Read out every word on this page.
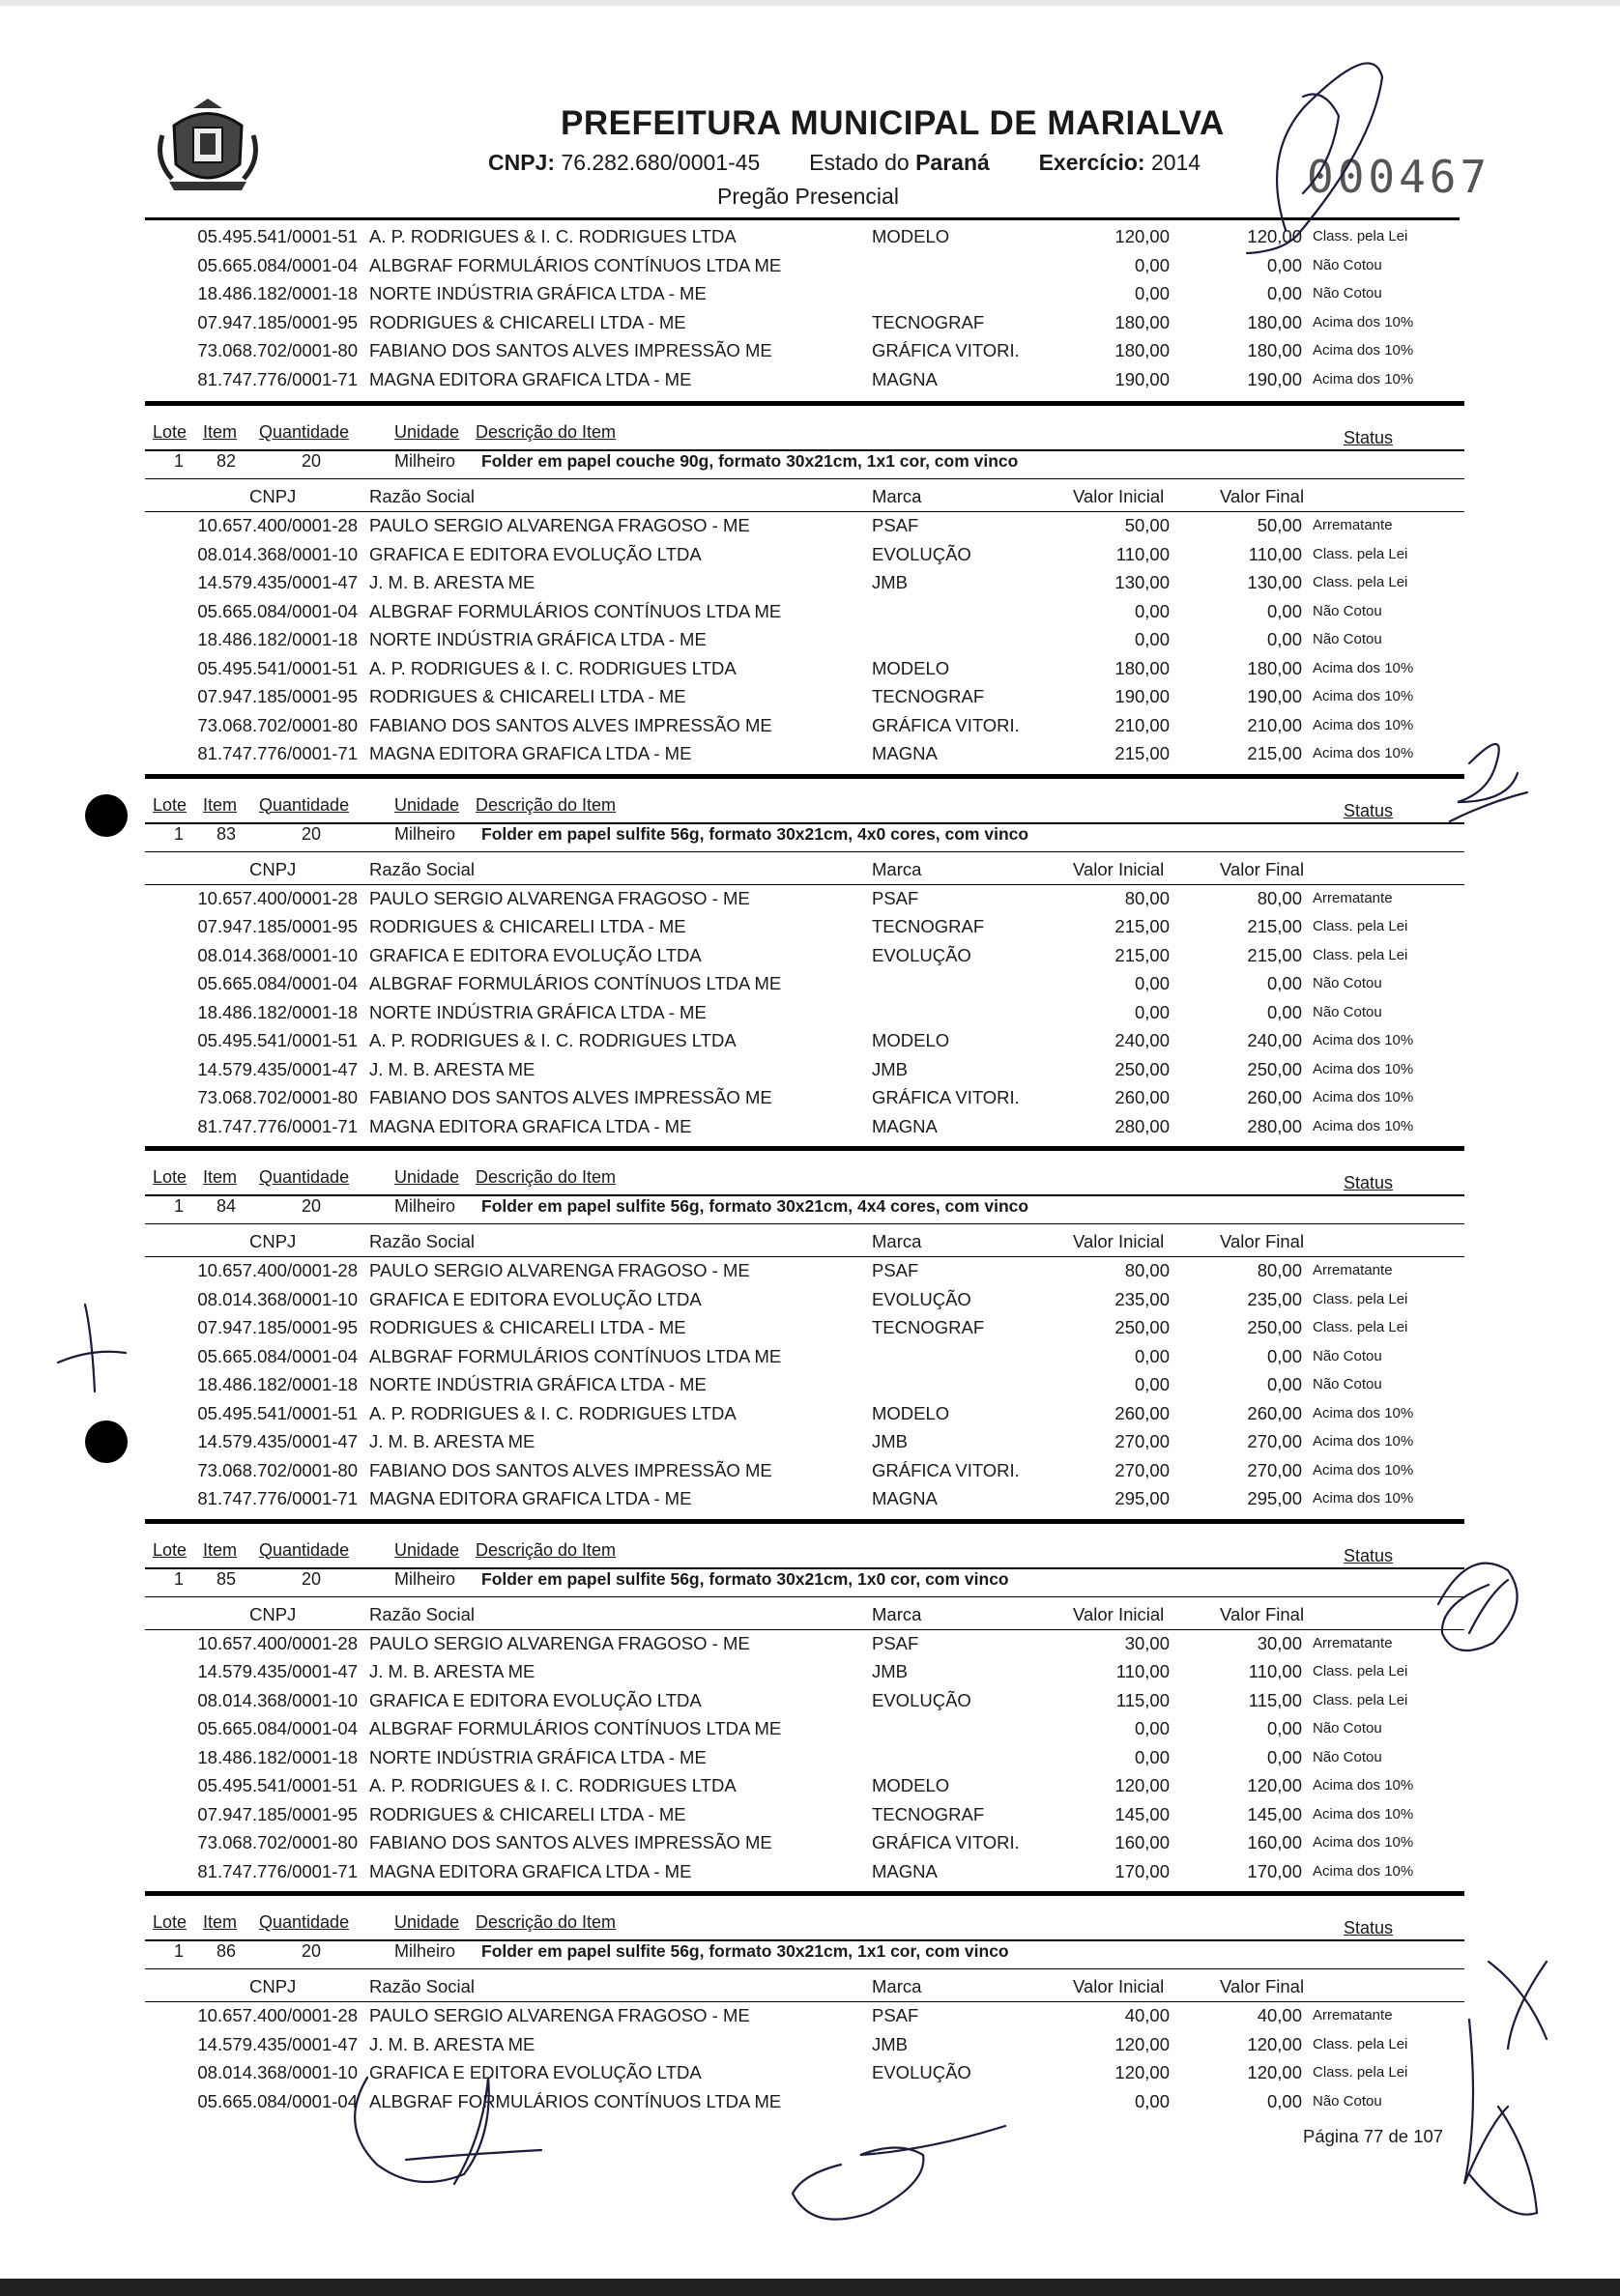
PREFEITURA MUNICIPAL DE MARIALVA
CNPJ: 76.282.680/0001-45 Estado do Paraná Exercício: 2014
Pregão Presencial	000467
05.495.541/0001-51 A. P. RODRIGUES & I. C. RODRIGUES LTDA	MODELO	120,00	120,00 Class. pela Lei
05.665.084/0001-04 ALBGRAF FORMULÁRIOS CONTÍNUOS LTDA ME	0,00	0,00 Não Cotou
18.486.182/0001-18 NORTE INDÚSTRIA GRÁFICA LTDA - ME	0,00	0,00 Não Cotou
07.947.185/0001-95 RODRIGUES & CHICARELI LTDA - ME	TECNOGRAF	180,00	180,00 Acima dos 10%
73.068.702/0001-80 FABIANO DOS SANTOS ALVES IMPRESSÃO ME	GRÁFICA VITORI.	180,00	180,00 Acima dos 10%
81.747.776/0001-71 MAGNA EDITORA GRAFICA LTDA - ME	MAGNA	190,00	190,00 Acima dos 10%
Lote Item Quantidade	Unidade Descrição do Item	Status
1 82	20	Milheiro Folder em papel couche 90g, formato 30x21cm, 1x1 cor, com vinco
CNPJ	Razão Social	Marca	Valor Inicial	Valor Final
10.657.400/0001-28 PAULO SERGIO ALVARENGA FRAGOSO - ME	PSAF	50,00	50,00 Arrematante
08.014.368/0001-10 GRAFICA E EDITORA EVOLUÇÃO LTDA	EVOLUÇÃO	110,00	110,00 Class. pela Lei
14.579.435/0001-47 J. M. B. ARESTA ME	JMB	130,00	130,00 Class. pela Lei
05.665.084/0001-04 ALBGRAF FORMULÁRIOS CONTÍNUOS LTDA ME	0,00	0,00 Não Cotou
18.486.182/0001-18 NORTE INDÚSTRIA GRÁFICA LTDA - ME	0,00	0,00 Não Cotou
05.495.541/0001-51 A. P. RODRIGUES & I. C. RODRIGUES LTDA	MODELO	180,00	180,00 Acima dos 10%
07.947.185/0001-95 RODRIGUES & CHICARELI LTDA - ME	TECNOGRAF	190,00	190,00 Acima dos 10%
73.068.702/0001-80 FABIANO DOS SANTOS ALVES IMPRESSÃO ME	GRÁFICA VITORI.	210,00	210,00 Acima dos 10%
81.747.776/0001-71 MAGNA EDITORA GRAFICA LTDA - ME	MAGNA	215,00	215,00 Acima dos 10%
Lote Item Quantidade	Unidade Descrição do Item	Status
1 83	20	Milheiro Folder em papel sulfite 56g, formato 30x21cm, 4x0 cores, com vinco
CNPJ	Razão Social	Marca	Valor Inicial	Valor Final
10.657.400/0001-28 PAULO SERGIO ALVARENGA FRAGOSO - ME	PSAF	80,00	80,00 Arrematante
07.947.185/0001-95 RODRIGUES & CHICARELI LTDA - ME	TECNOGRAF	215,00	215,00 Class. pela Lei
08.014.368/0001-10 GRAFICA E EDITORA EVOLUÇÃO LTDA	EVOLUÇÃO	215,00	215,00 Class. pela Lei
05.665.084/0001-04 ALBGRAF FORMULÁRIOS CONTÍNUOS LTDA ME	0,00	0,00 Não Cotou
18.486.182/0001-18 NORTE INDÚSTRIA GRÁFICA LTDA - ME	0,00	0,00 Não Cotou
05.495.541/0001-51 A. P. RODRIGUES & I. C. RODRIGUES LTDA	MODELO	240,00	240,00 Acima dos 10%
14.579.435/0001-47 J. M. B. ARESTA ME	JMB	250,00	250,00 Acima dos 10%
73.068.702/0001-80 FABIANO DOS SANTOS ALVES IMPRESSÃO ME	GRÁFICA VITORI.	260,00	260,00 Acima dos 10%
81.747.776/0001-71 MAGNA EDITORA GRAFICA LTDA - ME	MAGNA	280,00	280,00 Acima dos 10%
Lote Item Quantidade	Unidade Descrição do Item	Status
1 84	20	Milheiro Folder em papel sulfite 56g, formato 30x21cm, 4x4 cores, com vinco
CNPJ	Razão Social	Marca	Valor Inicial	Valor Final
10.657.400/0001-28 PAULO SERGIO ALVARENGA FRAGOSO - ME	PSAF	80,00	80,00 Arrematante
08.014.368/0001-10 GRAFICA E EDITORA EVOLUÇÃO LTDA	EVOLUÇÃO	235,00	235,00 Class. pela Lei
07.947.185/0001-95 RODRIGUES & CHICARELI LTDA - ME	TECNOGRAF	250,00	250,00 Class. pela Lei
05.665.084/0001-04 ALBGRAF FORMULÁRIOS CONTÍNUOS LTDA ME	0,00	0,00 Não Cotou
18.486.182/0001-18 NORTE INDÚSTRIA GRÁFICA LTDA - ME	0,00	0,00 Não Cotou
05.495.541/0001-51 A. P. RODRIGUES & I. C. RODRIGUES LTDA	MODELO	260,00	260,00 Acima dos 10%
14.579.435/0001-47 J. M. B. ARESTA ME	JMB	270,00	270,00 Acima dos 10%
73.068.702/0001-80 FABIANO DOS SANTOS ALVES IMPRESSÃO ME	GRÁFICA VITORI.	270,00	270,00 Acima dos 10%
81.747.776/0001-71 MAGNA EDITORA GRAFICA LTDA - ME	MAGNA	295,00	295,00 Acima dos 10%
Lote Item Quantidade	Unidade Descrição do Item	Status
1 85	20	Milheiro Folder em papel sulfite 56g, formato 30x21cm, 1x0 cor, com vinco
CNPJ	Razão Social	Marca	Valor Inicial	Valor Final
10.657.400/0001-28 PAULO SERGIO ALVARENGA FRAGOSO - ME	PSAF	30,00	30,00 Arrematante
14.579.435/0001-47 J. M. B. ARESTA ME	JMB	110,00	110,00 Class. pela Lei
08.014.368/0001-10 GRAFICA E EDITORA EVOLUÇÃO LTDA	EVOLUÇÃO	115,00	115,00 Class. pela Lei
05.665.084/0001-04 ALBGRAF FORMULÁRIOS CONTÍNUOS LTDA ME	0,00	0,00 Não Cotou
18.486.182/0001-18 NORTE INDÚSTRIA GRÁFICA LTDA - ME	0,00	0,00 Não Cotou
05.495.541/0001-51 A. P. RODRIGUES & I. C. RODRIGUES LTDA	MODELO	120,00	120,00 Acima dos 10%
07.947.185/0001-95 RODRIGUES & CHICARELI LTDA - ME	TECNOGRAF	145,00	145,00 Acima dos 10%
73.068.702/0001-80 FABIANO DOS SANTOS ALVES IMPRESSÃO ME	GRÁFICA VITORI.	160,00	160,00 Acima dos 10%
81.747.776/0001-71 MAGNA EDITORA GRAFICA LTDA - ME	MAGNA	170,00	170,00 Acima dos 10%
Lote Item Quantidade	Unidade Descrição do Item	Status
1 86	20	Milheiro Folder em papel sulfite 56g, formato 30x21cm, 1x1 cor, com vinco
CNPJ	Razão Social	Marca	Valor Inicial	Valor Final
10.657.400/0001-28 PAULO SERGIO ALVARENGA FRAGOSO - ME	PSAF	40,00	40,00 Arrematante
14.579.435/0001-47 J. M. B. ARESTA ME	JMB	120,00	120,00 Class. pela Lei
08.014.368/0001-10 GRAFICA E EDITORA EVOLUÇÃO LTDA	EVOLUÇÃO	120,00	120,00 Class. pela Lei
05.665.084/0001-04 ALBGRAF FORMULÁRIOS CONTÍNUOS LTDA ME	0,00	0,00 Não Cotou
Página 77 de 107
